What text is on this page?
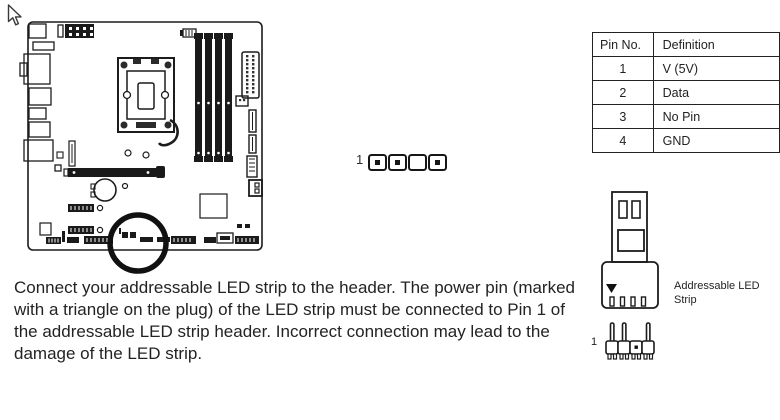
1
Pin No.	Definition
1	V (5V)
2	Data
3	No Pin
4	GND
Addressable LED Strip
1
Connect your addressable LED strip to the header. The power pin (marked with a triangle on the plug) of the LED strip must be connected to Pin 1 of the addressable LED strip header. Incorrect connection may lead to the damage of the LED strip.
